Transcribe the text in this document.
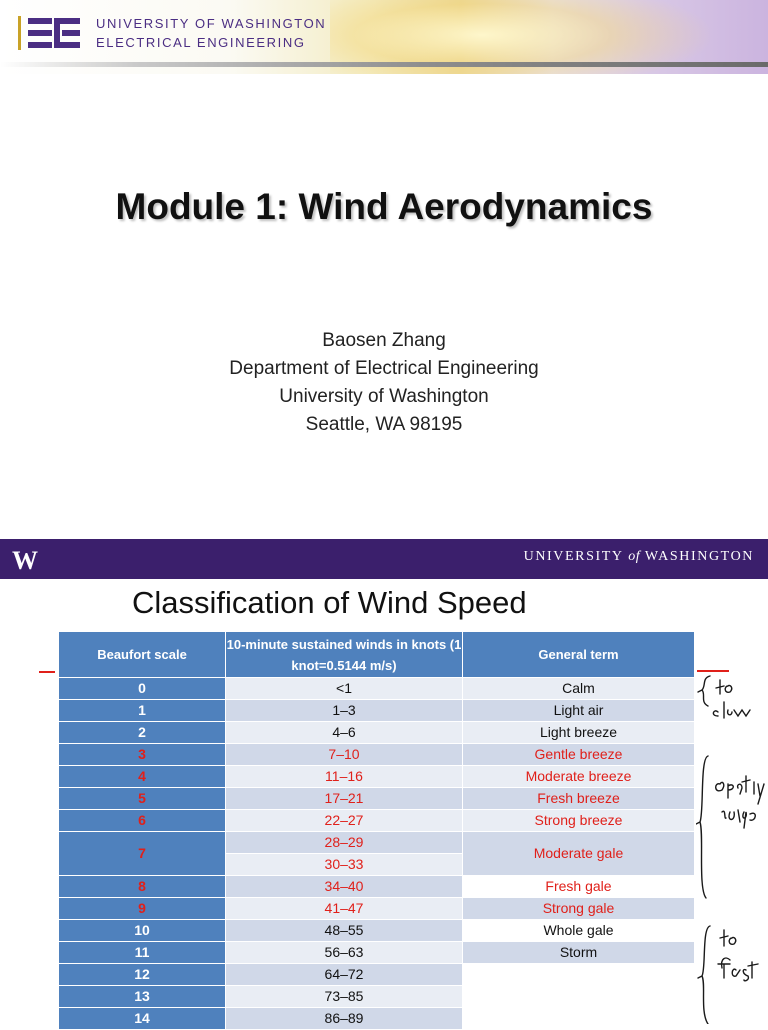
UNIVERSITY OF WASHINGTON
ELECTRICAL ENGINEERING
Module 1: Wind Aerodynamics
Baosen Zhang
Department of Electrical Engineering
University of Washington
Seattle, WA 98195
W	UNIVERSITY of WASHINGTON
Classification of Wind Speed
Beaufort scale	10-minute sustained winds in knots (1 knot=0.5144 m/s)	General term
0	<1	Calm
1	1–3	Light air
2	4–6	Light breeze
3	7–10	Gentle breeze
4	11–16	Moderate breeze
5	17–21	Fresh breeze
6	22–27	Strong breeze
7	28–29	Moderate gale
	30–33	
8	34–40	Fresh gale
9	41–47	Strong gale
10	48–55	Whole gale
11	56–63	Storm
12	64–72	
13	73–85	
14	86–89	
